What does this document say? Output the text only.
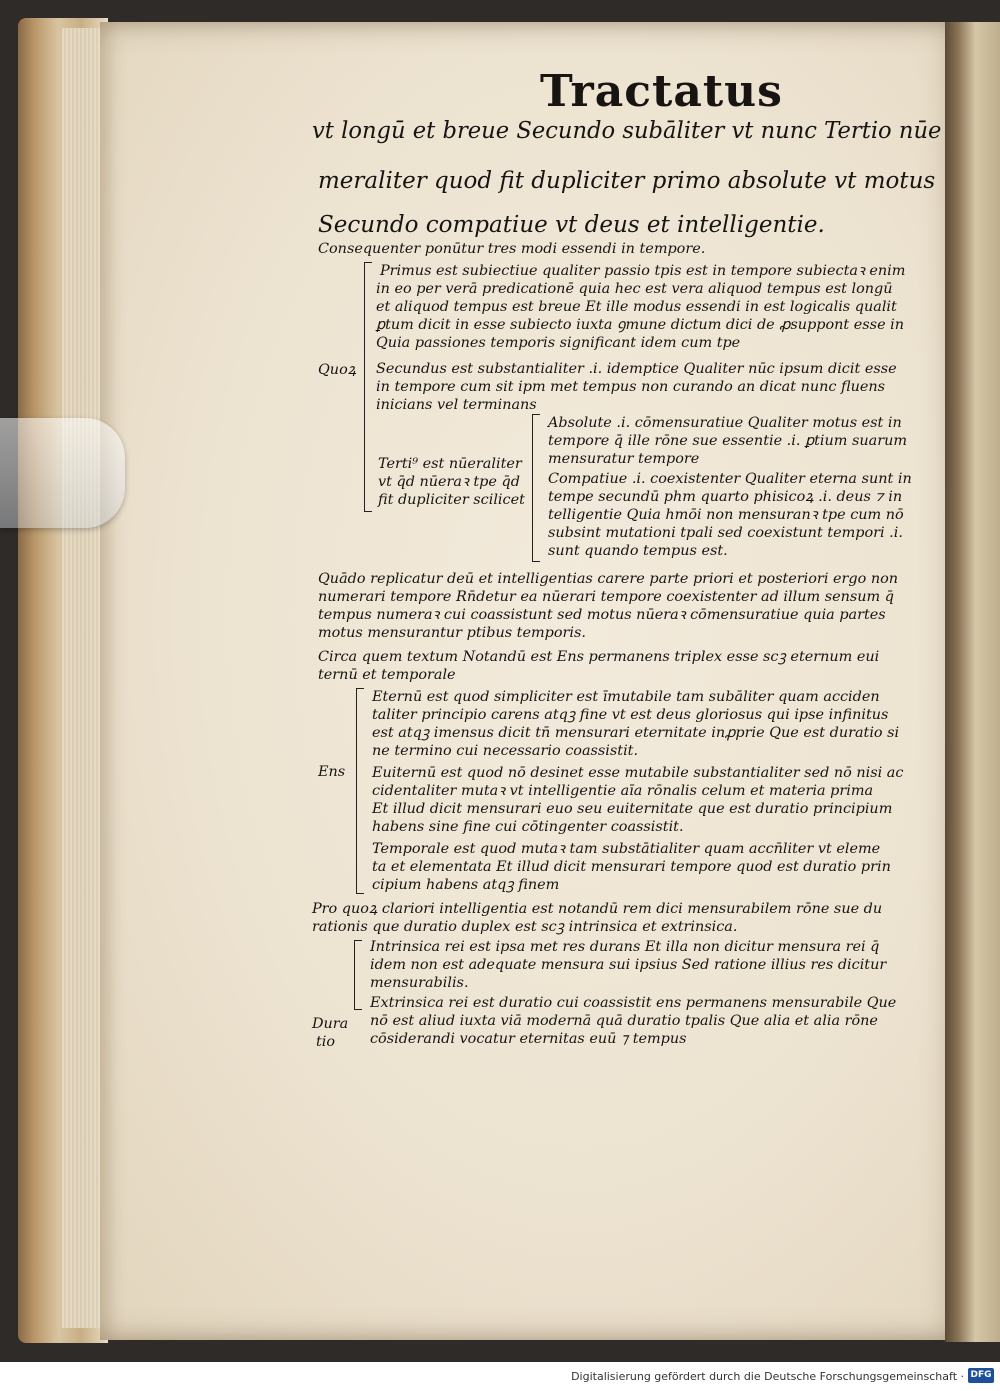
Tractatus
vt longū et breue Secundo subāliter vt nunc Tertio nūe
meraliter quod fit dupliciter primo absolute vt motus
Secundo compatiue vt deus et intelligentie.
Consequenter ponūtur tres modi essendi in tempore.
Quoꝝ
Primus est subiectiue qualiter passio tpis est in tempore subiectaꝛ enim
in eo per verā predicationē quia hec est vera aliquod tempus est longū
et aliquod tempus est breue Et ille modus essendi in est logicalis qualit
ꝑtum dicit in esse subiecto iuxta ꝯmune dictum dici de ꝓsuppont esse in
Quia passiones temporis significant idem cum tpe
Secundus est substantialiter .i. idemptice Qualiter nūc ipsum dicit esse
in tempore cum sit ipm met tempus non curando an dicat nunc fluens
inicians vel terminans
Terti⁹ est nūeraliter
vt q̄d nūeraꝛ tpe q̄d
fit dupliciter scilicet
Absolute .i. cōmensuratiue Qualiter motus est in
tempore q̄ ille rōne sue essentie .i. ꝑtium suarum
mensuratur tempore
Compatiue .i. coexistenter Qualiter eterna sunt in
tempe secundū phm quarto phisicoꝝ .i. deus ⁊ in
telligentie Quia hmōi non mensuranꝛ tpe cum nō
subsint mutationi tpali sed coexistunt tempori .i.
sunt quando tempus est.
Quādo replicatur deū et intelligentias carere parte priori et posteriori ergo non
numerari tempore Rn̄detur ea nūerari tempore coexistenter ad illum sensum q̄
tempus numeraꝛ cui coassistunt sed motus nūeraꝛ cōmensuratiue quia partes
motus mensurantur ptibus temporis.
Circa quem textum Notandū est Ens permanens triplex esse scꝫ eternum eui
ternū et temporale
Ens
Eternū est quod simpliciter est īmutabile tam subāliter quam acciden
taliter principio carens atqꝫ fine vt est deus gloriosus qui ipse infinitus
est atqꝫ imensus dicit tn̄ mensurari eternitate inꝓprie Que est duratio si
ne termino cui necessario coassistit.
Euiternū est quod nō desinet esse mutabile substantialiter sed nō nisi ac
cidentaliter mutaꝛ vt intelligentie aīa rōnalis celum et materia prima
Et illud dicit mensurari euo seu euiternitate que est duratio principium
habens sine fine cui cōtingenter coassistit.
Temporale est quod mutaꝛ tam substātialiter quam accn̄liter vt eleme
ta et elementata Et illud dicit mensurari tempore quod est duratio prin
cipium habens atqꝫ finem
Pro quoꝝ clariori intelligentia est notandū rem dici mensurabilem rōne sue du
rationis que duratio duplex est scꝫ intrinsica et extrinsica.
Dura
tio
Intrinsica rei est ipsa met res durans Et illa non dicitur mensura rei q̄
idem non est adequate mensura sui ipsius Sed ratione illius res dicitur
mensurabilis.
Extrinsica rei est duratio cui coassistit ens permanens mensurabile Que
nō est aliud iuxta viā modernā quā duratio tpalis Que alia et alia rōne
cōsiderandi vocatur eternitas euū ⁊ tempus
Digitalisierung gefördert durch die Deutsche Forschungsgemeinschaft · DFG
